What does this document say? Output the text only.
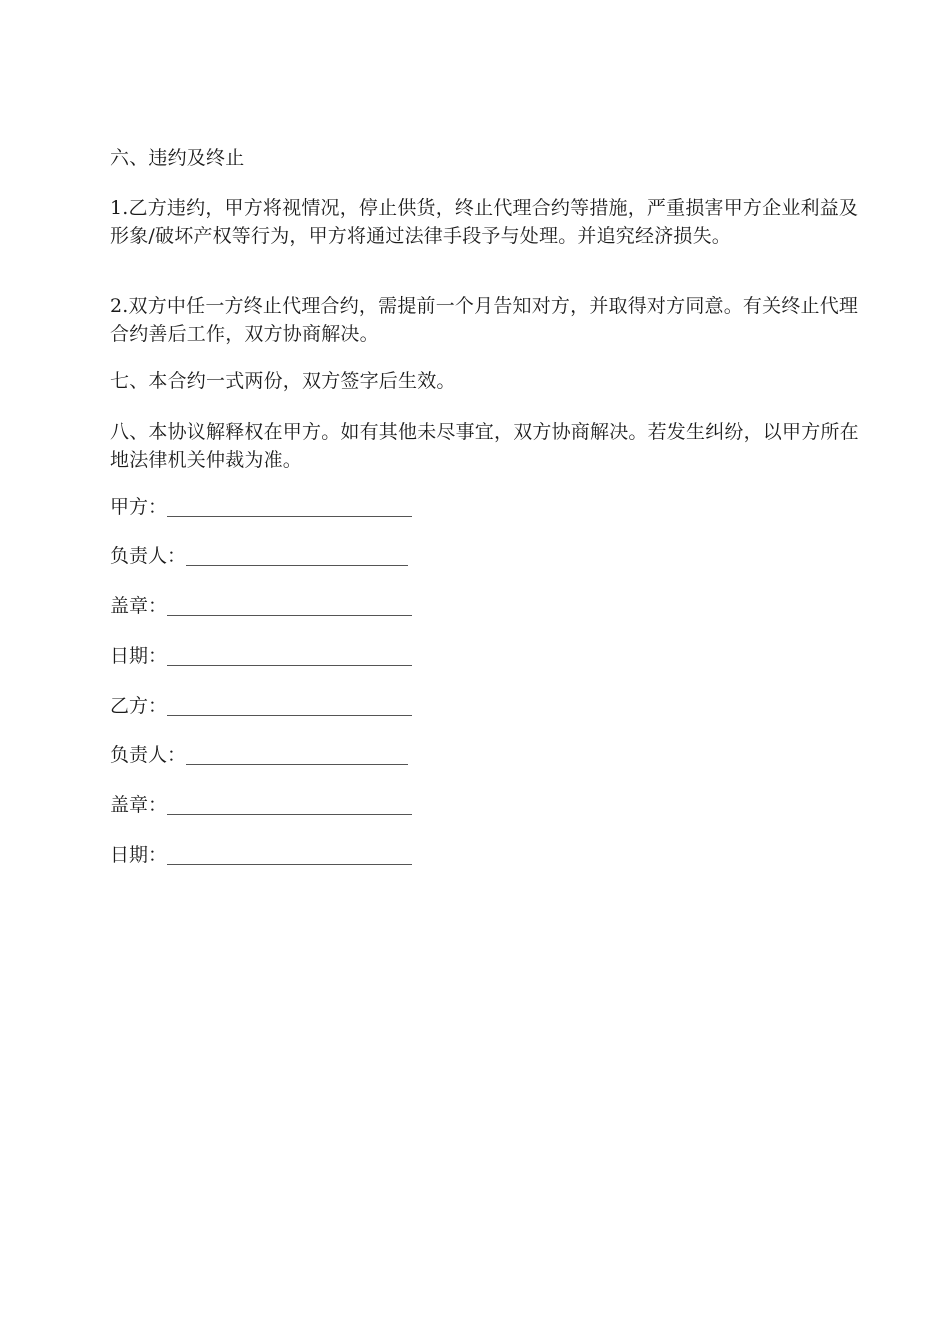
六、违约及终止

1.乙方违约，甲方将视情况，停止供货，终止代理合约等措施，严重损害甲方企业利益及形象/破坏产权等行为，甲方将通过法律手段予与处理。并追究经济损失。

2.双方中任一方终止代理合约，需提前一个月告知对方，并取得对方同意。有关终止代理合约善后工作，双方协商解决。

七、本合约一式两份，双方签字后生效。

八、本协议解释权在甲方。如有其他未尽事宜，双方协商解决。若发生纠纷，以甲方所在地法律机关仲裁为准。

甲方：
负责人：
盖章：
日期：
乙方：
负责人：
盖章：
日期：
